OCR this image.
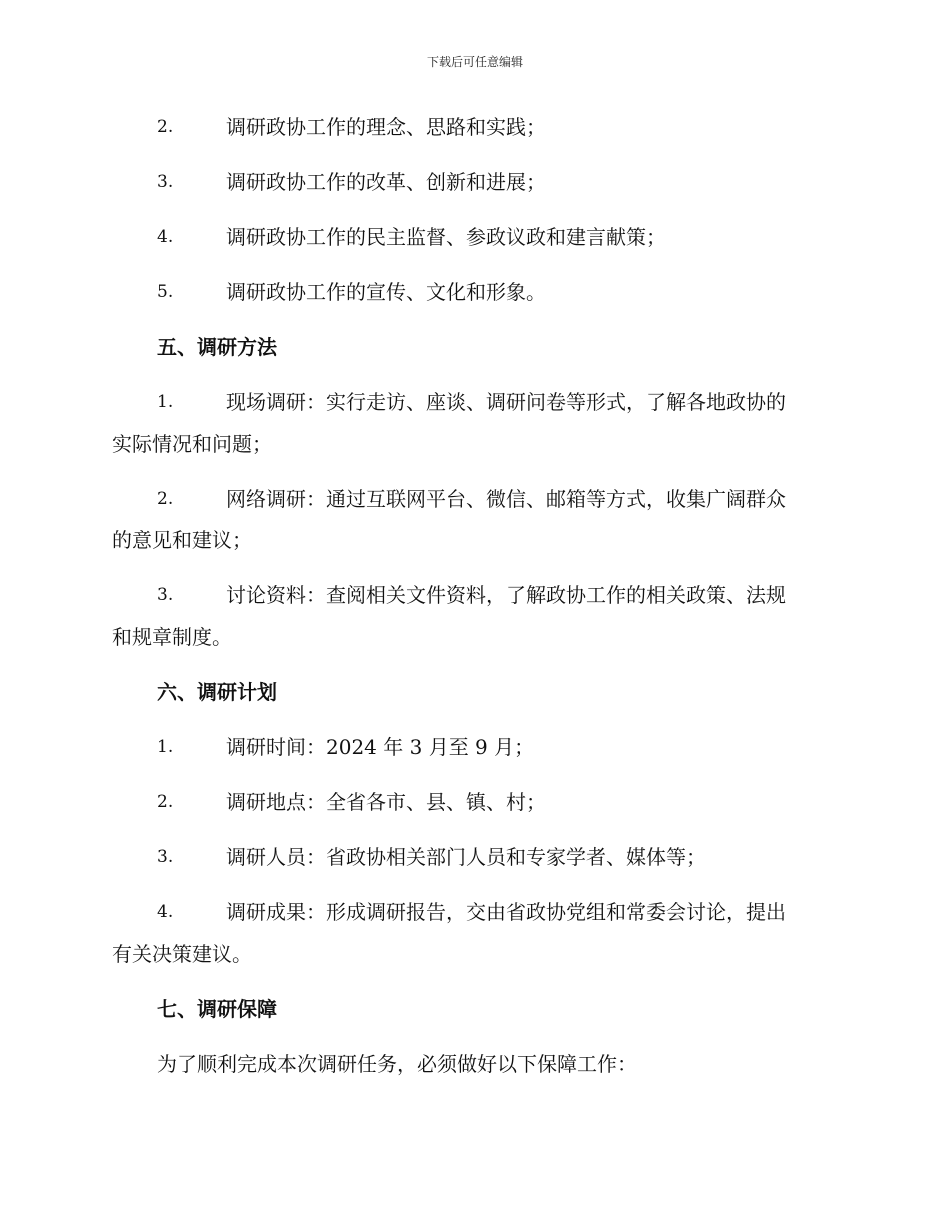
下载后可任意编辑
2.	调研政协工作的理念、思路和实践；
3.	调研政协工作的改革、创新和进展；
4.	调研政协工作的民主监督、参政议政和建言献策；
5.	调研政协工作的宣传、文化和形象。
五、调研方法
1.	现场调研：实行走访、座谈、调研问卷等形式，了解各地政协的
实际情况和问题；
2.	网络调研：通过互联网平台、微信、邮箱等方式，收集广阔群众
的意见和建议；
3.	讨论资料：查阅相关文件资料，了解政协工作的相关政策、法规
和规章制度。
六、调研计划
1.	调研时间：2024 年 3 月至 9 月；
2.	调研地点：全省各市、县、镇、村；
3.	调研人员：省政协相关部门人员和专家学者、媒体等；
4.	调研成果：形成调研报告，交由省政协党组和常委会讨论，提出
有关决策建议。
七、调研保障
为了顺利完成本次调研任务，必须做好以下保障工作：
